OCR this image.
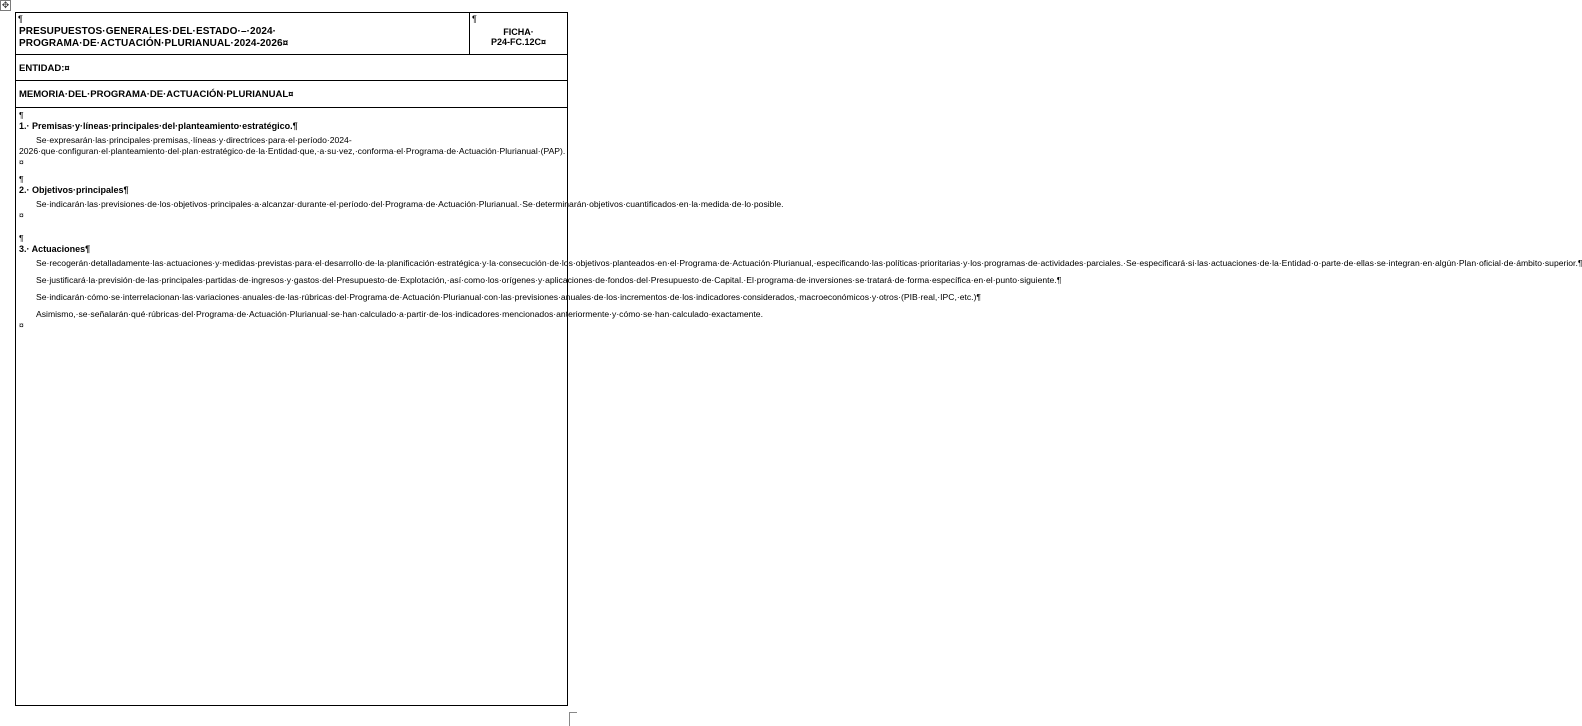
✥
¶
PRESUPUESTOS·GENERALES·DEL·ESTADO·–·2024·
PROGRAMA·DE·ACTUACIÓN·PLURIANUAL·2024-2026¤
¶
FICHA·
P24-FC.12C¤
ENTIDAD:¤
MEMORIA·DEL·PROGRAMA·DE·ACTUACIÓN·PLURIANUAL¤

¶

1.· Premisas·y·líneas·principales·del·planteamiento·estratégico.¶

Se·expresarán·las·principales·premisas,·líneas·y·directrices·para·el·período·2024-2026·que·configuran·el·planteamiento·del·plan·estratégico·de·la·Entidad·que,·a·su·vez,·conforma·el·Programa·de·Actuación·Plurianual·(PAP).¤

¶

2.· Objetivos·principales¶

Se·indicarán·las·previsiones·de·los·objetivos·principales·a·alcanzar·durante·el·período·del·Programa·de·Actuación·Plurianual.·Se·determinarán·objetivos·cuantificados·en·la·medida·de·lo·posible.¤

¶

3.· Actuaciones¶

Se·recogerán·detalladamente·las·actuaciones·y·medidas·previstas·para·el·desarrollo·de·la·planificación·estratégica·y·la·consecución·de·los·objetivos·planteados·en·el·Programa·de·Actuación·Plurianual,·especificando·las·políticas·prioritarias·y·los·programas·de·actividades·parciales.·Se·especificará·si·las·actuaciones·de·la·Entidad·o·parte·de·ellas·se·integran·en·algún·Plan·oficial·de·ámbito·superior.¶

Se·justificará·la·previsión·de·las·principales·partidas·de·ingresos·y·gastos·del·Presupuesto·de·Explotación,·así·como·los·orígenes·y·aplicaciones·de·fondos·del·Presupuesto·de·Capital.·El·programa·de·inversiones·se·tratará·de·forma·específica·en·el·punto·siguiente.¶

Se·indicarán·cómo·se·interrelacionan·las·variaciones·anuales·de·las·rúbricas·del·Programa·de·Actuación·Plurianual·con·las·previsiones·anuales·de·los·incrementos·de·los·indicadores·considerados,·macroeconómicos·y·otros·(PIB·real,·IPC,·etc.)¶

Asimismo,·se·señalarán·qué·rúbricas·del·Programa·de·Actuación·Plurianual·se·han·calculado·a·partir·de·los·indicadores·mencionados·anteriormente·y·cómo·se·han·calculado·exactamente.¤
